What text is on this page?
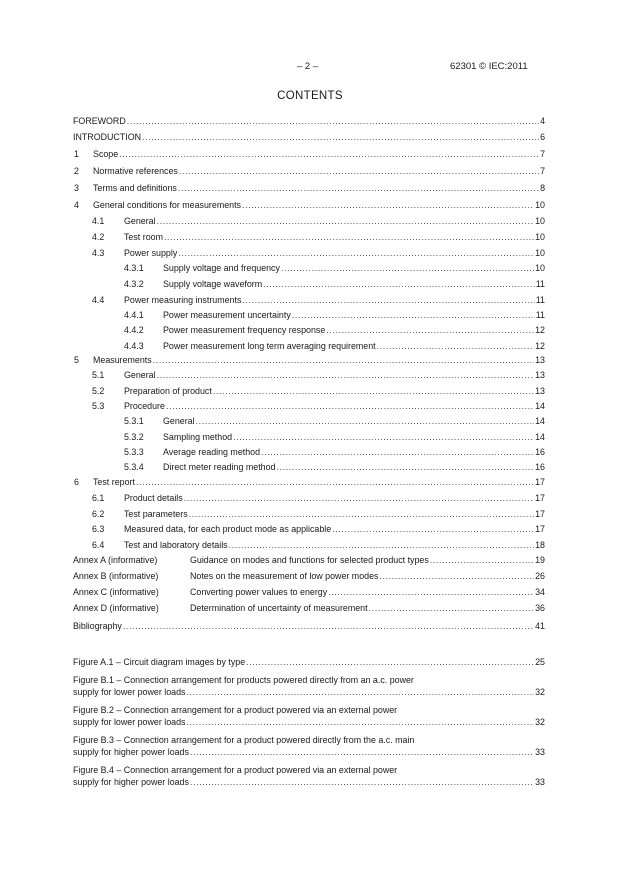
– 2 –	62301 © IEC:2011
CONTENTS
FOREWORD .....	4
INTRODUCTION .....	6
1	Scope .....	7
2	Normative references .....	7
3	Terms and definitions .....	8
4	General conditions for measurements .....	10
4.1	General .....	10
4.2	Test room .....	10
4.3	Power supply .....	10
4.3.1	Supply voltage and frequency .....	10
4.3.2	Supply voltage waveform .....	11
4.4	Power measuring instruments .....	11
4.4.1	Power measurement uncertainty .....	11
4.4.2	Power measurement frequency response .....	12
4.4.3	Power measurement long term averaging requirement .....	12
5	Measurements .....	13
5.1	General .....	13
5.2	Preparation of product .....	13
5.3	Procedure .....	14
5.3.1	General .....	14
5.3.2	Sampling method .....	14
5.3.3	Average reading method .....	16
5.3.4	Direct meter reading method .....	16
6	Test report .....	17
6.1	Product details .....	17
6.2	Test parameters .....	17
6.3	Measured data, for each product mode as applicable .....	17
6.4	Test and laboratory details .....	18
Annex A (informative)	Guidance on modes and functions for selected product types .....	19
Annex B (informative)	Notes on the measurement of low power modes .....	26
Annex C (informative)	Converting power values to energy .....	34
Annex D (informative)	Determination of uncertainty of measurement .....	36
Bibliography .....	41
Figure A.1 – Circuit diagram images by type .....	25
Figure B.1 – Connection arrangement for products powered directly from an a.c. power
supply for lower power loads .....	32
Figure B.2 – Connection arrangement for a product powered via an external power
supply for lower power loads .....	32
Figure B.3 – Connection arrangement for a product powered directly from the a.c. main
supply for higher power loads .....	33
Figure B.4 – Connection arrangement for a product powered via an external power
supply for higher power loads .....	33
